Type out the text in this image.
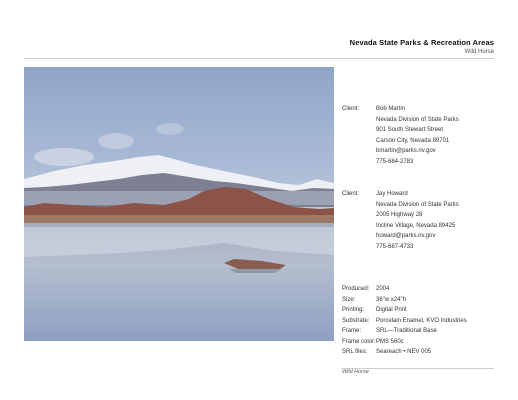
Nevada State Parks & Recreation Areas
Wild Horse
Client:	Bob Martin
Nevada Division of State Parks
901 South Stewart Street
Carson City, Nevada 89701
bmartin@parks.nv.gov
775-684-2783
Client:	Jay Howard
Nevada Division of State Parks
2005 Highway 28
Incline Village, Nevada 89425
howard@parks.nv.gov
775-687-4733
Produced:	2004
Size:	36"w x24"h
Printing:	Digital Print
Substrate:	Porcelain Enamel, KVO Industries
Frame:	SRL—Traditional Base
Frame color: PMS 560c
SRL files:	Seareach • NEV 005
Wild Horse
